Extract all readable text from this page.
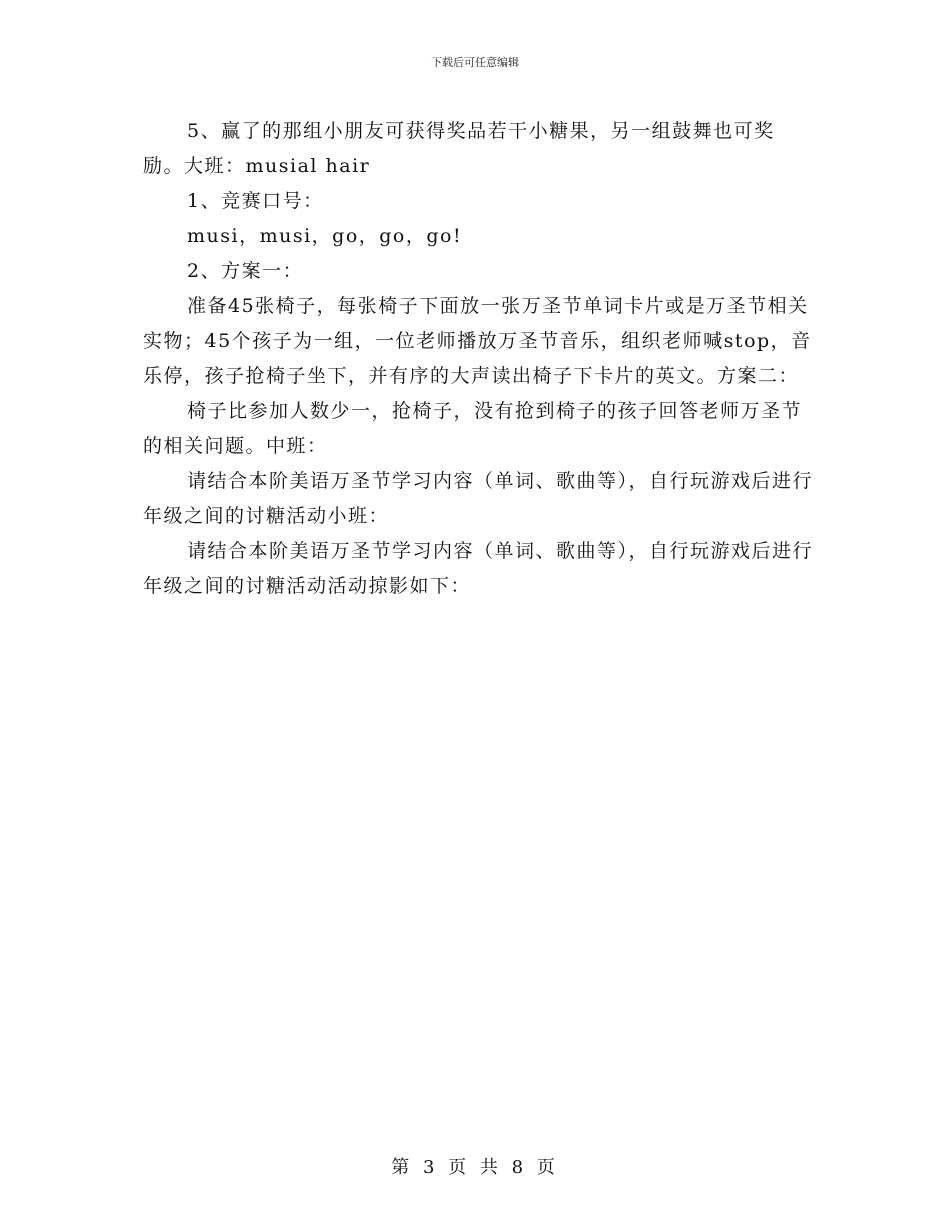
下载后可任意编辑

5、赢了的那组小朋友可获得奖品若干小糖果，另一组鼓舞也可奖励。大班：musial hair

1、竞赛口号：

musi，musi，go，go，go!

2、方案一：

准备45张椅子，每张椅子下面放一张万圣节单词卡片或是万圣节相关实物；45个孩子为一组，一位老师播放万圣节音乐，组织老师喊stop，音乐停，孩子抢椅子坐下，并有序的大声读出椅子下卡片的英文。方案二：

椅子比参加人数少一，抢椅子，没有抢到椅子的孩子回答老师万圣节的相关问题。中班：

请结合本阶美语万圣节学习内容（单词、歌曲等），自行玩游戏后进行年级之间的讨糖活动小班：

请结合本阶美语万圣节学习内容（单词、歌曲等），自行玩游戏后进行年级之间的讨糖活动活动掠影如下：

第 3 页 共 8 页
